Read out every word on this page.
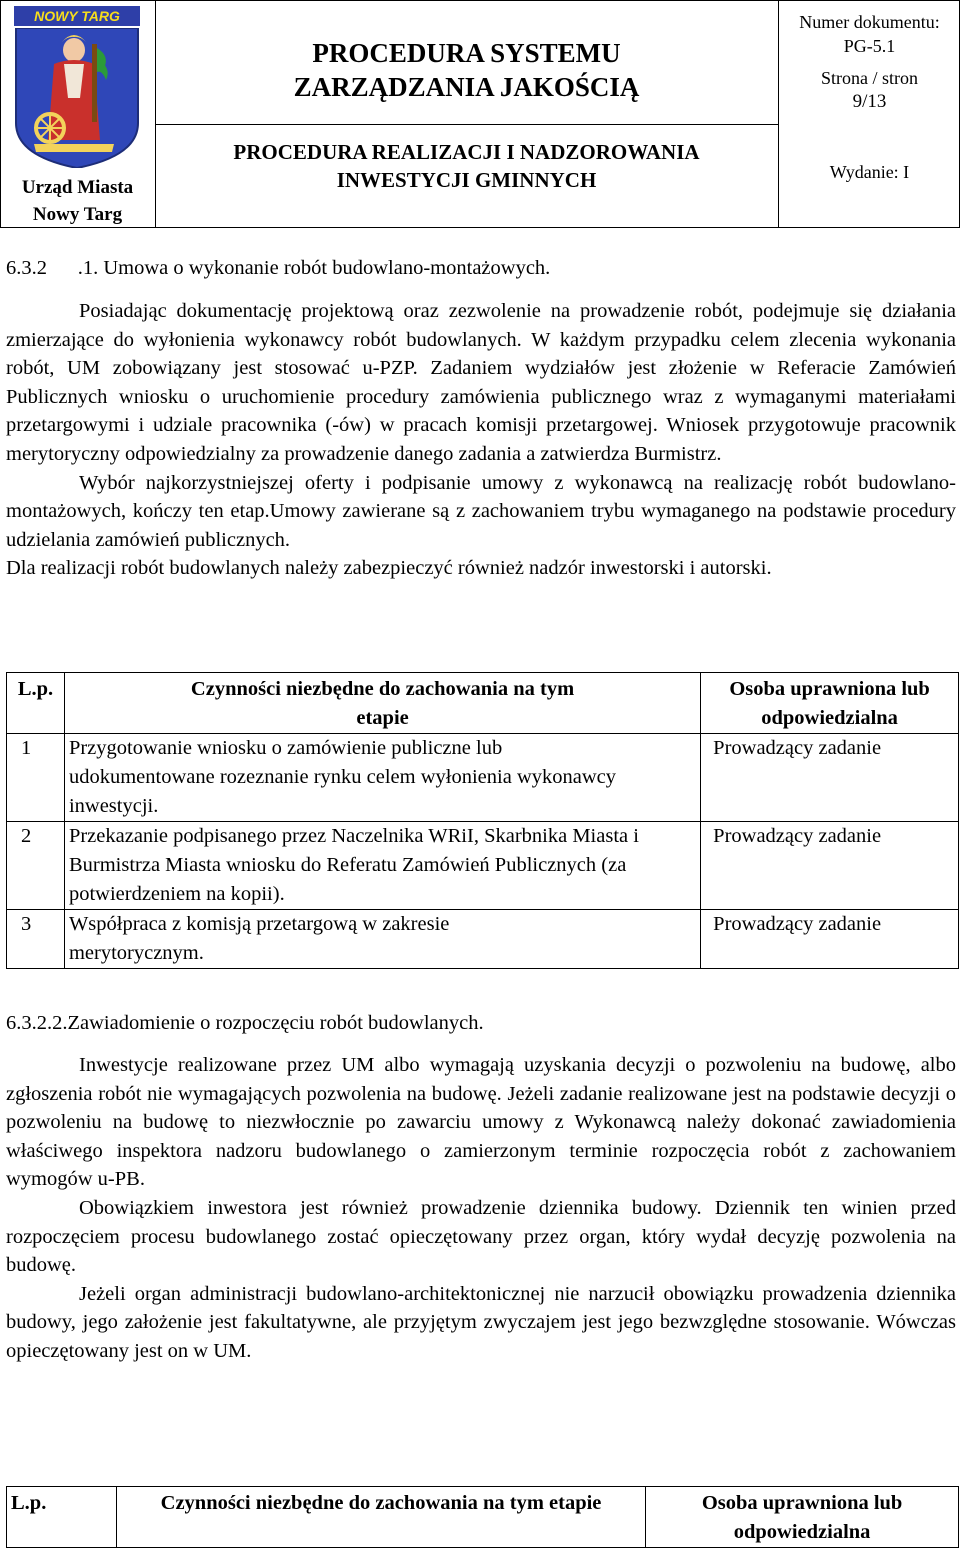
NOWY TARG
Urząd Miasta
Nowy Targ
PROCEDURA SYSTEMU
ZARZĄDZANIA JAKOŚCIĄ
PROCEDURA REALIZACJI I NADZOROWANIA
INWESTYCJI GMINNYCH
Numer dokumentu:
PG-5.1
Strona / stron
9/13
Wydanie: I
6.3.2      .1. Umowa o wykonanie robót budowlano-montażowych.

Posiadając dokumentację projektową oraz zezwolenie na prowadzenie robót, podejmuje się działania zmierzające do wyłonienia wykonawcy robót budowlanych. W każdym przypadku celem zlecenia wykonania robót, UM zobowiązany jest stosować u-PZP. Zadaniem wydziałów jest złożenie w Referacie Zamówień Publicznych wniosku o uruchomienie procedury zamówienia publicznego wraz z wymaganymi materiałami przetargowymi i udziale pracownika (-ów) w pracach komisji przetargowej. Wniosek przygotowuje pracownik merytoryczny odpowiedzialny za prowadzenie danego zadania a zatwierdza Burmistrz.

Wybór najkorzystniejszej oferty i podpisanie umowy z wykonawcą na realizację robót budowlano-montażowych, kończy ten etap.Umowy zawierane są z zachowaniem trybu wymaganego na podstawie procedury udzielania zamówień publicznych.

Dla realizacji robót budowlanych należy zabezpieczyć również nadzór inwestorski i autorski.

L.p.	Czynności niezbędne do zachowania na tym etapie	Osoba uprawniona lub odpowiedzialna
1	Przygotowanie wniosku o zamówienie publiczne lub udokumentowane rozeznanie rynku celem wyłonienia wykonawcy inwestycji.	Prowadzący zadanie
2	Przekazanie podpisanego przez Naczelnika WRiI, Skarbnika Miasta i Burmistrza Miasta wniosku do Referatu Zamówień Publicznych (za potwierdzeniem na kopii).	Prowadzący zadanie
3	Współpraca z komisją przetargową w zakresie merytorycznym.	Prowadzący zadanie
6.3.2.2.Zawiadomienie o rozpoczęciu robót budowlanych.

Inwestycje realizowane przez UM albo wymagają uzyskania decyzji o pozwoleniu na budowę, albo zgłoszenia robót nie wymagających pozwolenia na budowę. Jeżeli zadanie realizowane jest na podstawie decyzji o pozwoleniu na budowę to niezwłocznie po zawarciu umowy z Wykonawcą należy dokonać zawiadomienia właściwego inspektora nadzoru budowlanego o zamierzonym terminie rozpoczęcia robót z zachowaniem wymogów u-PB.

Obowiązkiem inwestora jest również prowadzenie dziennika budowy. Dziennik ten winien przed rozpoczęciem procesu budowlanego zostać opieczętowany przez organ, który wydał decyzję pozwolenia na budowę.

Jeżeli organ administracji budowlano-architektonicznej nie narzucił obowiązku prowadzenia dziennika budowy, jego założenie jest fakultatywne, ale przyjętym zwyczajem jest jego bezwzględne stosowanie. Wówczas opieczętowany jest on w UM.

L.p.	Czynności niezbędne do zachowania na tym etapie	Osoba uprawniona lub odpowiedzialna
